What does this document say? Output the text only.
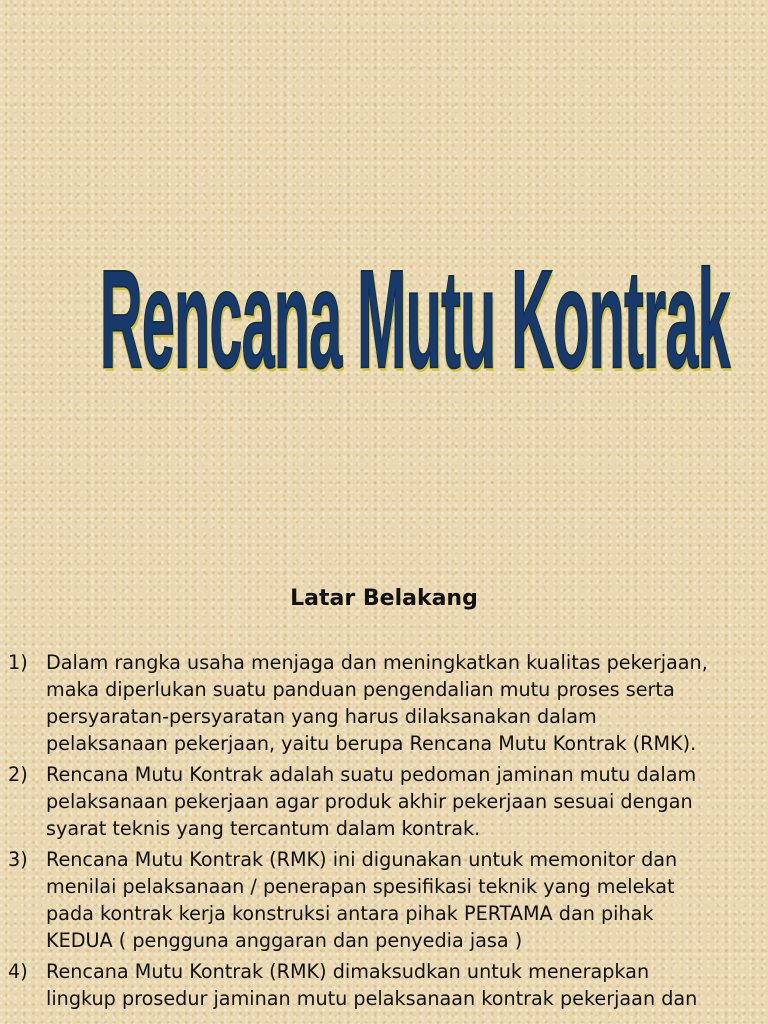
Rencana Mutu Kontrak
Latar Belakang
1) Dalam rangka usaha menjaga dan meningkatkan kualitas pekerjaan,
maka diperlukan suatu panduan pengendalian mutu proses serta
persyaratan-persyaratan yang harus dilaksanakan dalam
pelaksanaan pekerjaan, yaitu berupa Rencana Mutu Kontrak (RMK).
2) Rencana Mutu Kontrak adalah suatu pedoman jaminan mutu dalam
pelaksanaan pekerjaan agar produk akhir pekerjaan sesuai dengan
syarat teknis yang tercantum dalam kontrak.
3) Rencana Mutu Kontrak (RMK) ini digunakan untuk memonitor dan
menilai pelaksanaan / penerapan spesifikasi teknik yang melekat
pada kontrak kerja konstruksi antara pihak PERTAMA dan pihak
KEDUA ( pengguna anggaran dan penyedia jasa )
4) Rencana Mutu Kontrak (RMK) dimaksudkan untuk menerapkan
lingkup prosedur jaminan mutu pelaksanaan kontrak pekerjaan dan
